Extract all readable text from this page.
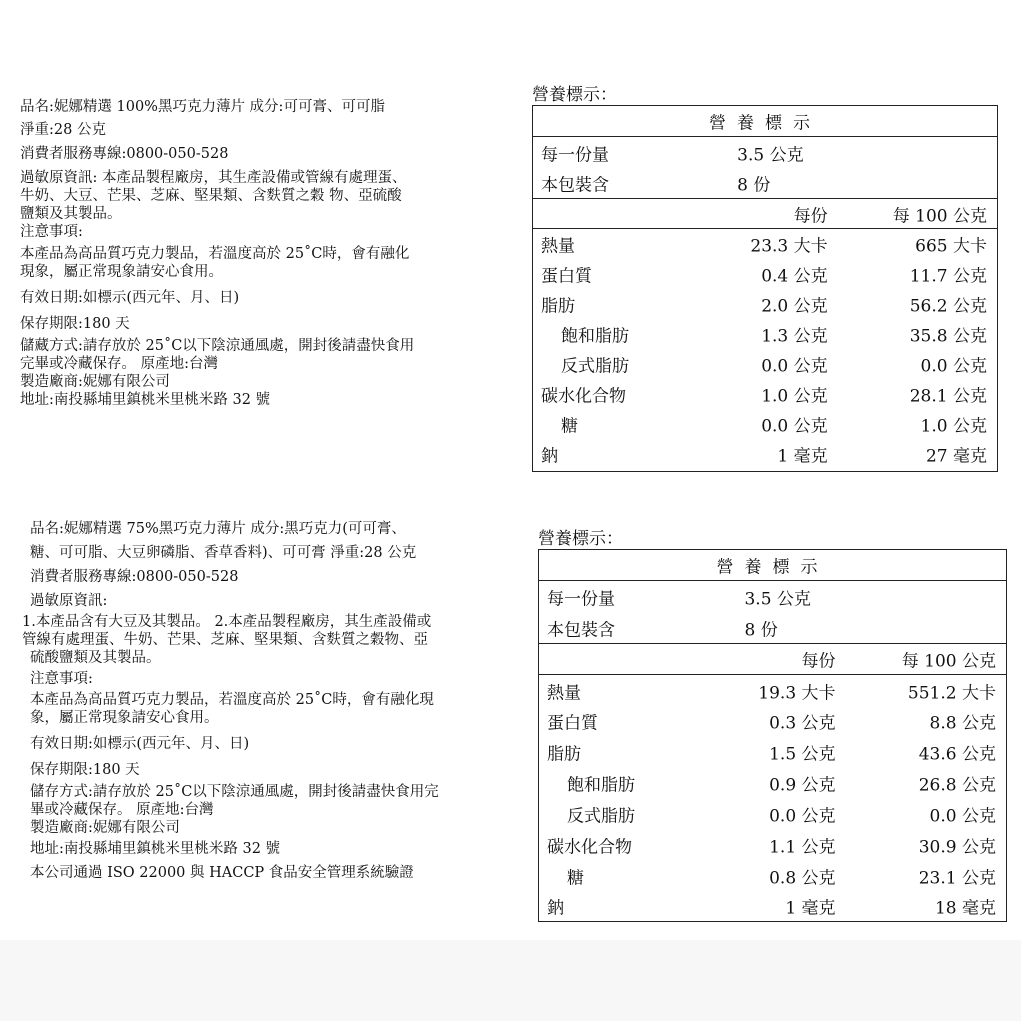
品名:妮娜精選 100%黑巧克力薄片 成分:可可膏、可可脂
淨重:28 公克
消費者服務專線:0800-050-528
過敏原資訊: 本產品製程廠房，其生產設備或管線有處理蛋、
牛奶、大豆、芒果、芝麻、堅果類、含麩質之穀 物、亞硫酸
鹽類及其製品。
注意事項:
本產品為高品質巧克力製品，若溫度高於 25˚C時，會有融化
現象，屬正常現象請安心食用。
有效日期:如標示(西元年、月、日)
保存期限:180 天
儲藏方式:請存放於 25˚C以下陰涼通風處，開封後請盡快食用
完畢或冷藏保存。 原產地:台灣
製造廠商:妮娜有限公司
地址:南投縣埔里鎮桃米里桃米路 32 號
營養標示：
營養標示
每一份量	3.5 公克
本包裝含	8 份
每份	每 100 公克
熱量	23.3 大卡	665 大卡
蛋白質	0.4 公克	11.7 公克
脂肪	2.0 公克	56.2 公克
飽和脂肪	1.3 公克	35.8 公克
反式脂肪	0.0 公克	0.0 公克
碳水化合物	1.0 公克	28.1 公克
糖	0.0 公克	1.0 公克
鈉	1 毫克	27 毫克
品名:妮娜精選 75%黑巧克力薄片 成分:黑巧克力(可可膏、
糖、可可脂、大豆卵磷脂、香草香料)、可可膏 淨重:28 公克
消費者服務專線:0800-050-528
過敏原資訊:
1.本產品含有大豆及其製品。 2.本產品製程廠房，其生產設備或
管線有處理蛋、牛奶、芒果、芝麻、堅果類、含麩質之穀物、亞
硫酸鹽類及其製品。
注意事項:
本產品為高品質巧克力製品，若溫度高於 25˚C時，會有融化現
象，屬正常現象請安心食用。
有效日期:如標示(西元年、月、日)
保存期限:180 天
儲存方式:請存放於 25˚C以下陰涼通風處，開封後請盡快食用完
畢或冷藏保存。 原產地:台灣
製造廠商:妮娜有限公司
地址:南投縣埔里鎮桃米里桃米路 32 號
本公司通過 ISO 22000 與 HACCP 食品安全管理系統驗證
營養標示：
營養標示
每一份量	3.5 公克
本包裝含	8 份
每份	每 100 公克
熱量	19.3 大卡	551.2 大卡
蛋白質	0.3 公克	8.8 公克
脂肪	1.5 公克	43.6 公克
飽和脂肪	0.9 公克	26.8 公克
反式脂肪	0.0 公克	0.0 公克
碳水化合物	1.1 公克	30.9 公克
糖	0.8 公克	23.1 公克
鈉	1 毫克	18 毫克
